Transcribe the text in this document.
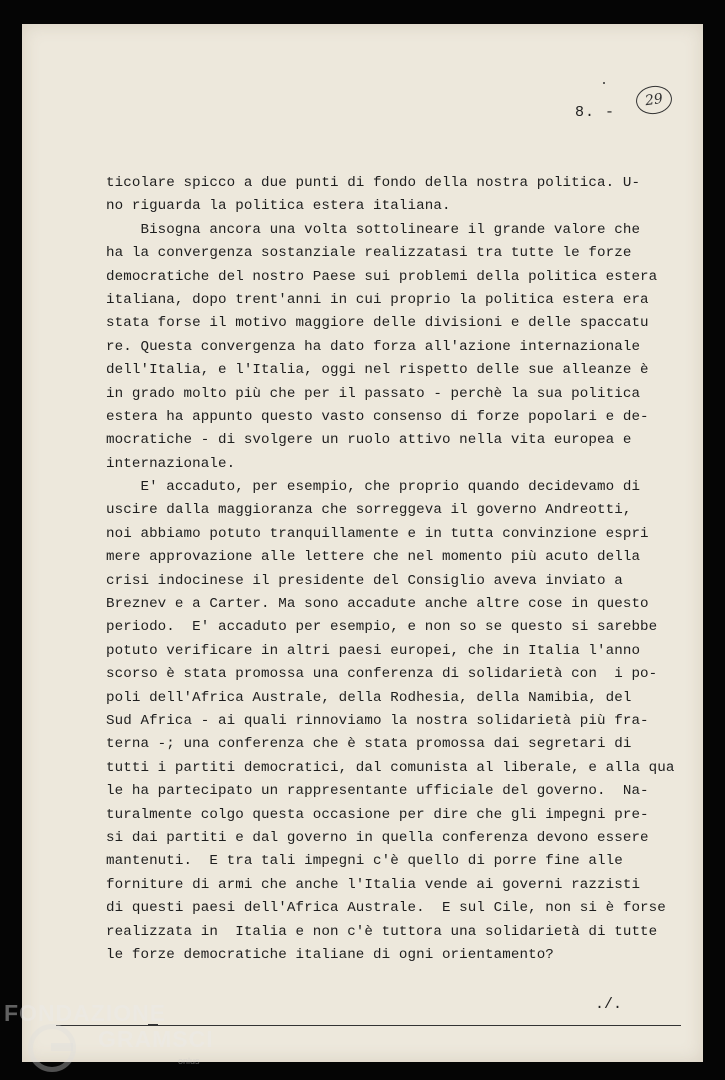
8. -
29
ticolare spicco a due punti di fondo della nostra politica. U-
no riguarda la politica estera italiana.
Bisogna ancora una volta sottolineare il grande valore che
ha la convergenza sostanziale realizzatasi tra tutte le forze
democratiche del nostro Paese sui problemi della politica estera
italiana, dopo trent'anni in cui proprio la politica estera era
stata forse il motivo maggiore delle divisioni e delle spaccatu
re. Questa convergenza ha dato forza all'azione internazionale
dell'Italia, e l'Italia, oggi nel rispetto delle sue alleanze è
in grado molto più che per il passato - perchè la sua politica
estera ha appunto questo vasto consenso di forze popolari e de-
mocratiche - di svolgere un ruolo attivo nella vita europea e
internazionale.
E' accaduto, per esempio, che proprio quando decidevamo di
uscire dalla maggioranza che sorreggeva il governo Andreotti,
noi abbiamo potuto tranquillamente e in tutta convinzione espri
mere approvazione alle lettere che nel momento più acuto della
crisi indocinese il presidente del Consiglio aveva inviato a
Breznev e a Carter. Ma sono accadute anche altre cose in questo
periodo.  E' accaduto per esempio, e non so se questo si sarebbe
potuto verificare in altri paesi europei, che in Italia l'anno
scorso è stata promossa una conferenza di solidarietà con  i po-
poli dell'Africa Australe, della Rodhesia, della Namibia, del
Sud Africa - ai quali rinnoviamo la nostra solidarietà più fra-
terna -; una conferenza che è stata promossa dai segretari di
tutti i partiti democratici, dal comunista al liberale, e alla qua
le ha partecipato un rappresentante ufficiale del governo.  Na-
turalmente colgo questa occasione per dire che gli impegni pre-
si dai partiti e dal governo in quella conferenza devono essere
mantenuti.  E tra tali impegni c'è quello di porre fine alle
forniture di armi che anche l'Italia vende ai governi razzisti
di questi paesi dell'Africa Australe.  E sul Cile, non si è forse
realizzata in  Italia e non c'è tuttora una solidarietà di tutte
le forze democratiche italiane di ogni orientamento?
./.
FONDAZIONE
GRAMSCI
onlus
